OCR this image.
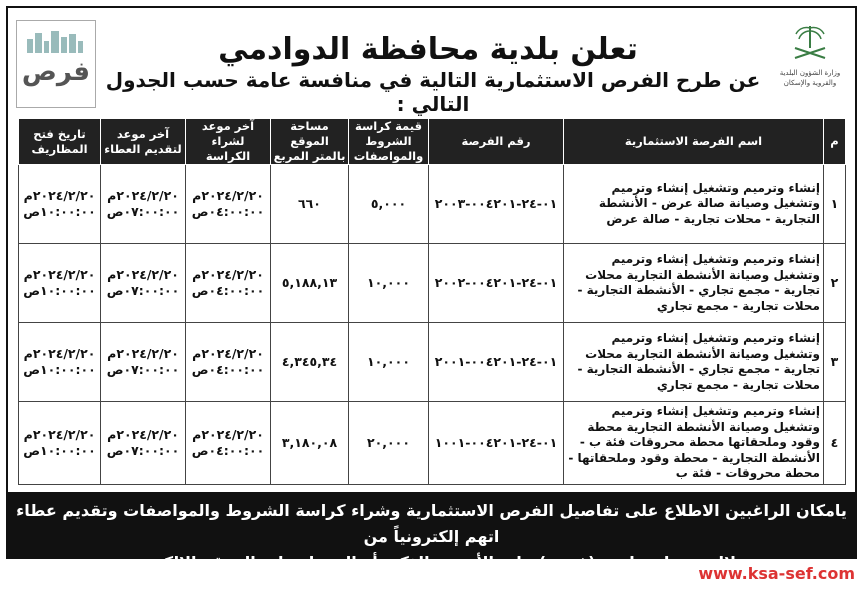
فرص
تعلن بلدية محافظة الدوادمي
عن طرح الفرص الاستثمارية التالية في منافسة عامة حسب الجدول التالي :
وزارة الشؤون البلدية والقروية والإسكان
م	اسم الفرصة الاستثمارية	رقم الفرصة	قيمة كراسة الشروط والمواصفات	مساحة الموقع بالمتر المربع	آخر موعد لشراء الكراسة	آخر موعد لتقديم العطاء	تاريخ فتح المظاريف
١	إنشاء وترميم وتشغيل إنشاء وترميم وتشغيل وصيانة صالة عرض - الأنشطة التجارية - محلات تجارية - صالة عرض	٠١-٢٤-٠٠٤٢٠١-٢٠٠٣	٥,٠٠٠	٦٦٠	٢٠٢٤/٢/٢٠م ٠٤:٠٠:٠٠ص	٢٠٢٤/٢/٢٠م ٠٧:٠٠:٠٠ص	٢٠٢٤/٢/٢٠م ١٠:٠٠:٠٠ص
٢	إنشاء وترميم وتشغيل إنشاء وترميم وتشغيل وصيانة الأنشطة التجارية محلات تجارية - مجمع تجاري - الأنشطة التجارية - محلات تجارية - مجمع تجاري	٠١-٢٤-٠٠٤٢٠١-٢٠٠٢	١٠,٠٠٠	٥,١٨٨,١٣	٢٠٢٤/٢/٢٠م ٠٤:٠٠:٠٠ص	٢٠٢٤/٢/٢٠م ٠٧:٠٠:٠٠ص	٢٠٢٤/٢/٢٠م ١٠:٠٠:٠٠ص
٣	إنشاء وترميم وتشغيل إنشاء وترميم وتشغيل وصيانة الأنشطة التجارية محلات تجارية - مجمع تجاري - الأنشطة التجارية - محلات تجارية - مجمع تجاري	٠١-٢٤-٠٠٤٢٠١-٢٠٠١	١٠,٠٠٠	٤,٣٤٥,٣٤	٢٠٢٤/٢/٢٠م ٠٤:٠٠:٠٠ص	٢٠٢٤/٢/٢٠م ٠٧:٠٠:٠٠ص	٢٠٢٤/٢/٢٠م ١٠:٠٠:٠٠ص
٤	إنشاء وترميم وتشغيل إنشاء وترميم وتشغيل وصيانة الأنشطة التجارية محطة وقود وملحقاتها محطة محروقات فئة ب - الأنشطة التجارية - محطة وقود وملحقاتها - محطة محروقات - فئة ب	٠١-٢٤-٠٠٤٢٠١-١٠٠١	٢٠,٠٠٠	٣,١٨٠,٠٨	٢٠٢٤/٢/٢٠م ٠٤:٠٠:٠٠ص	٢٠٢٤/٢/٢٠م ٠٧:٠٠:٠٠ص	٢٠٢٤/٢/٢٠م ١٠:٠٠:٠٠ص
يامكان الراغبين الاطلاع على تفاصيل الفرص الاستثمارية وشراء كراسة الشروط والمواصفات وتقديم عطاء اتهم إلكترونياً من
خلال تحميل تطبيق (فرص) على الأجهزة الذكية أو الدخول على الموقع الالكتروني (https://Furas.momra.gov.sa)
www.ksa-sef.com
